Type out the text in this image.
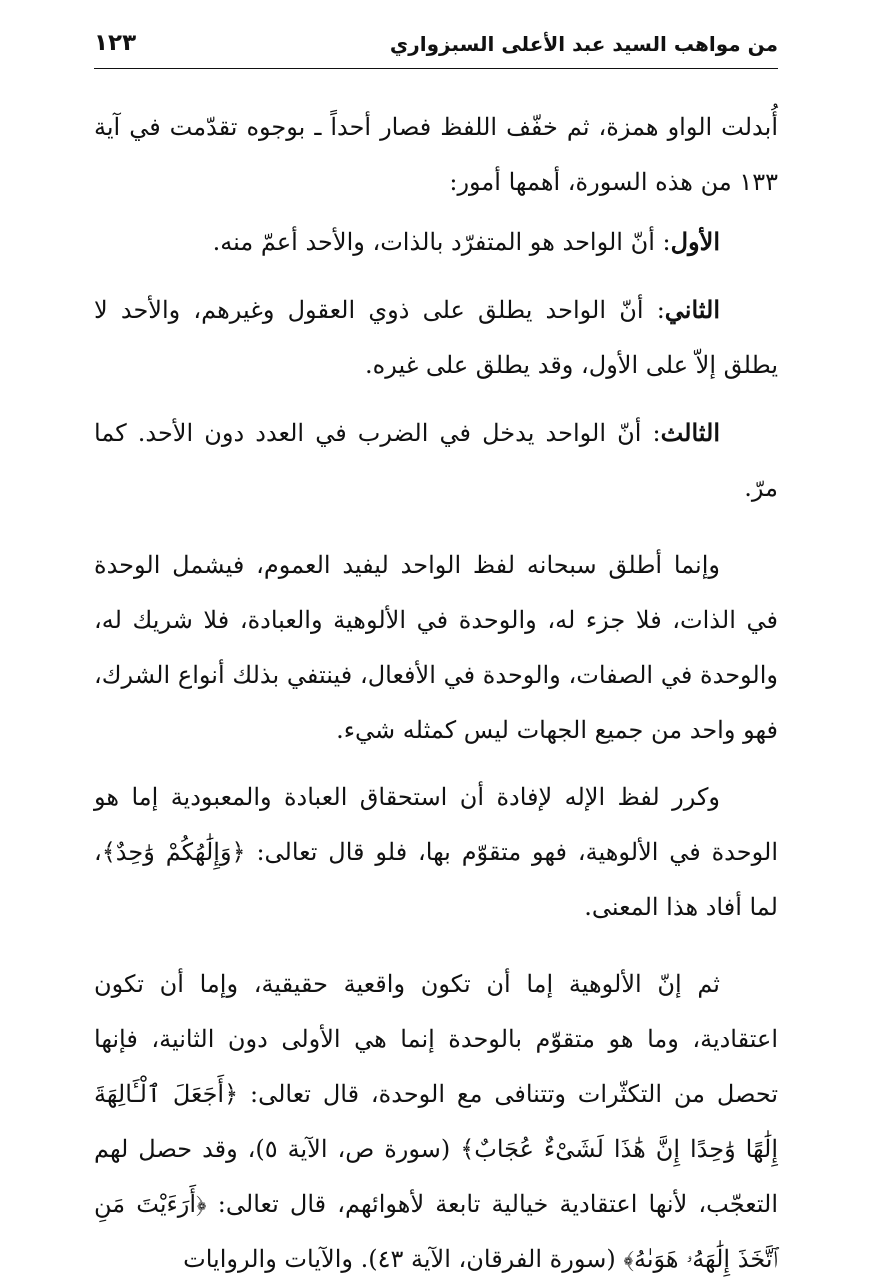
من مواهب السيد عبد الأعلى السبزواري
١٢٣

أُبدلت الواو همزة، ثم خفّف اللفظ فصار أحداً ـ بوجوه تقدّمت في آية ١٣٣ من هذه السورة، أهمها أمور:

الأول: أنّ الواحد هو المتفرّد بالذات، والأحد أعمّ منه.

الثاني: أنّ الواحد يطلق على ذوي العقول وغيرهم، والأحد لا يطلق إلاّ على الأول، وقد يطلق على غيره.

الثالث: أنّ الواحد يدخل في الضرب في العدد دون الأحد. كما مرّ.

وإنما أطلق سبحانه لفظ الواحد ليفيد العموم، فيشمل الوحدة في الذات، فلا جزء له، والوحدة في الألوهية والعبادة، فلا شريك له، والوحدة في الصفات، والوحدة في الأفعال، فينتفي بذلك أنواع الشرك، فهو واحد من جميع الجهات ليس كمثله شيء.

وكرر لفظ الإله لإفادة أن استحقاق العبادة والمعبودية إما هو الوحدة في الألوهية، فهو متقوّم بها، فلو قال تعالى: ﴿وَإِلَٰهُكُمْ وَٰحِدٌ﴾، لما أفاد هذا المعنى.

ثم إنّ الألوهية إما أن تكون واقعية حقيقية، وإما أن تكون اعتقادية، وما هو متقوّم بالوحدة إنما هي الأولى دون الثانية، فإنها تحصل من التكثّرات وتتنافى مع الوحدة، قال تعالى: ﴿أَجَعَلَ ٱلْـَٔالِهَةَ إِلَٰهًا وَٰحِدًا إِنَّ هَٰذَا لَشَىْءٌ عُجَابٌ﴾ (سورة ص، الآية ٥)، وقد حصل لهم التعجّب، لأنها اعتقادية خيالية تابعة لأهوائهم، قال تعالى: ﴿أَرَءَيْتَ مَنِ ٱتَّخَذَ إِلَٰهَهُۥ هَوَىٰهُ﴾ (سورة الفرقان، الآية ٤٣). والآيات والروايات
